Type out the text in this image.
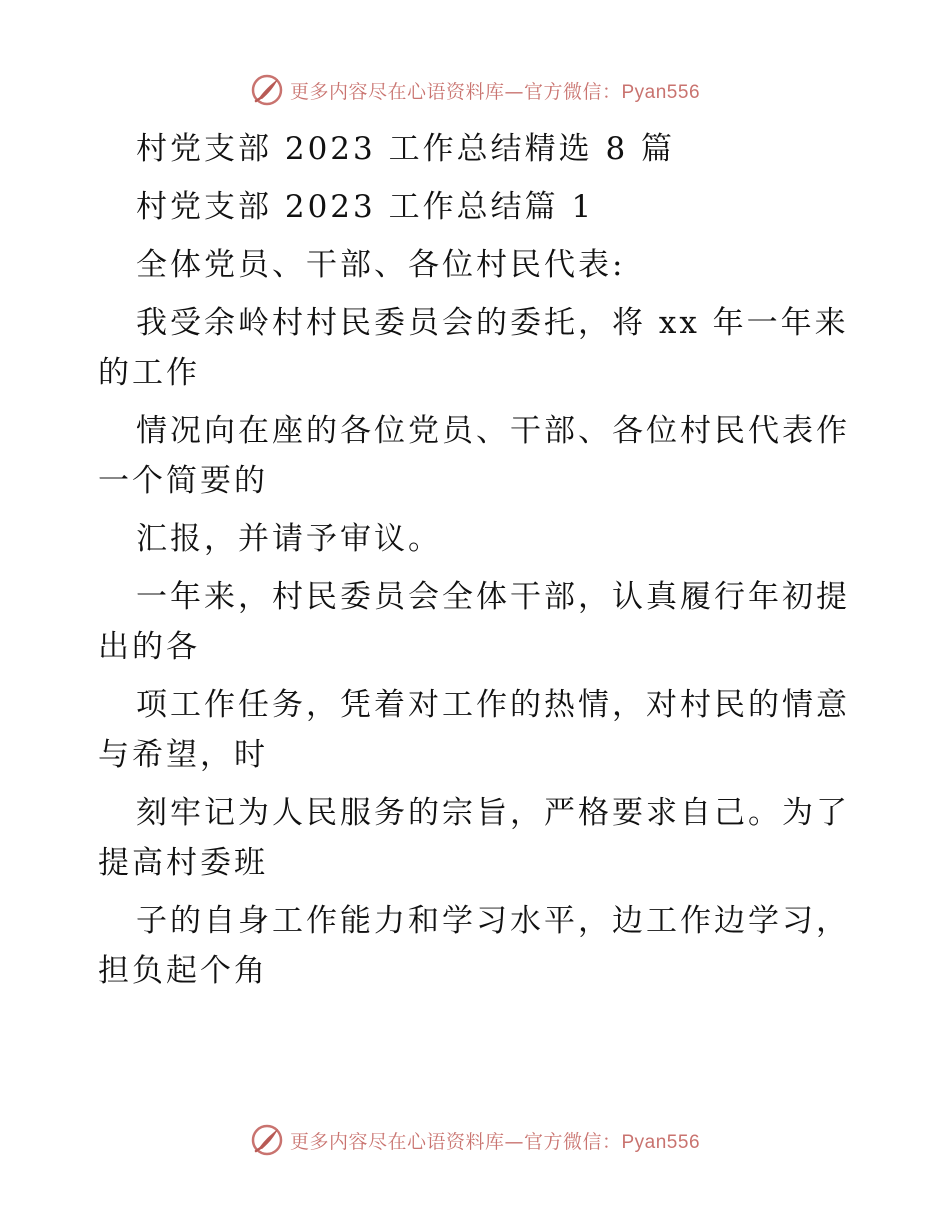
更多内容尽在心语资料库—官方微信：Pyan556
村党支部 2023 工作总结精选 8 篇
村党支部 2023 工作总结篇 1
全体党员、干部、各位村民代表:
我受余岭村村民委员会的委托，将 xx 年一年来
的工作
情况向在座的各位党员、干部、各位村民代表作
一个简要的
汇报，并请予审议。
一年来，村民委员会全体干部，认真履行年初提
出的各
项工作任务，凭着对工作的热情，对村民的情意
与希望，时
刻牢记为人民服务的宗旨，严格要求自己。为了
提高村委班
子的自身工作能力和学习水平，边工作边学习，
担负起个角
更多内容尽在心语资料库—官方微信：Pyan556
